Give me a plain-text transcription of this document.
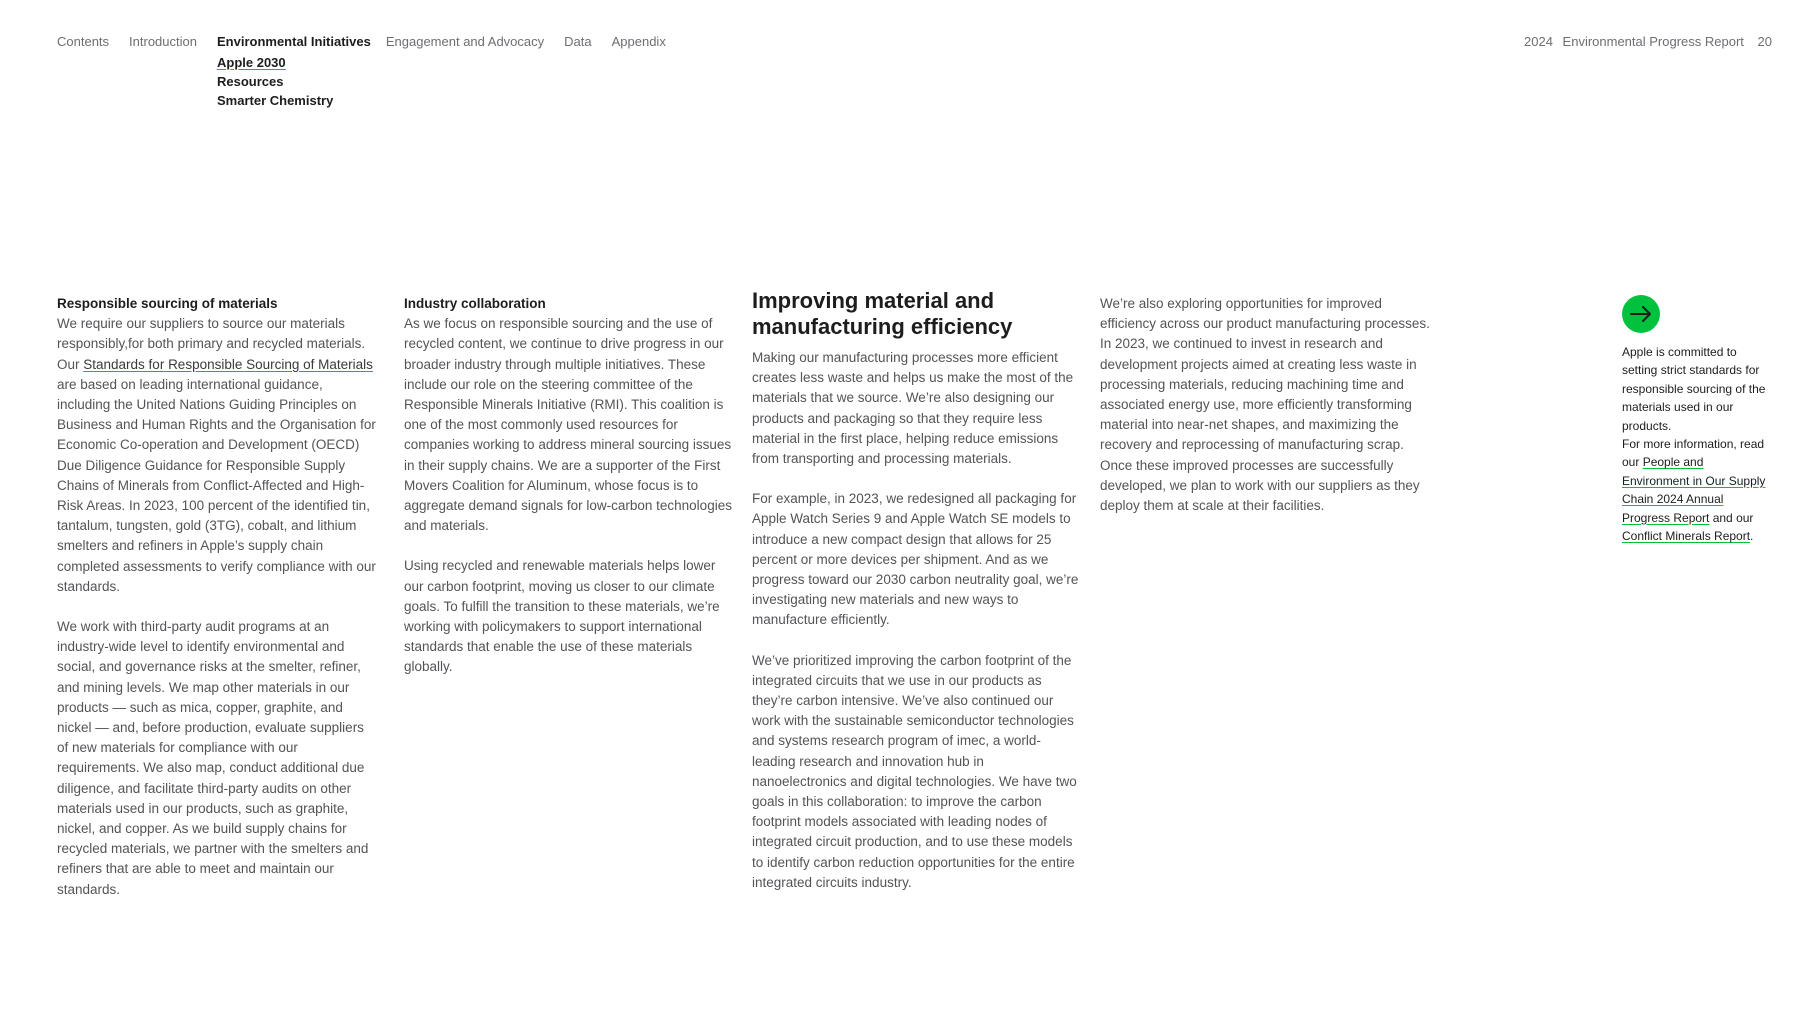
Contents Introduction Environmental Initiatives
Apple 2030
Resources
Smarter Chemistry
Engagement and Advocacy Data Appendix	2024 Environmental Progress Report 20
Responsible sourcing of materials

We require our suppliers to source our materials responsibly,for both primary and recycled materials. Our Standards for Responsible Sourcing of Materials are based on leading international guidance, including the United Nations Guiding Principles on Business and Human Rights and the Organisation for Economic Co-operation and Development (OECD) Due Diligence Guidance for Responsible Supply Chains of Minerals from Conflict-Affected and High-Risk Areas. In 2023, 100 percent of the identified tin, tantalum, tungsten, gold (3TG), cobalt, and lithium smelters and refiners in Apple’s supply chain completed assessments to verify compliance with our standards.

We work with third-party audit programs at an industry-wide level to identify environmental and social, and governance risks at the smelter, refiner, and mining levels. We map other materials in our products — such as mica, copper, graphite, and nickel — and, before production, evaluate suppliers of new materials for compliance with our requirements. We also map, conduct additional due diligence, and facilitate third-party audits on other materials used in our products, such as graphite, nickel, and copper. As we build supply chains for recycled materials, we partner with the smelters and refiners that are able to meet and maintain our standards.

Industry collaboration

As we focus on responsible sourcing and the use of recycled content, we continue to drive progress in our broader industry through multiple initiatives. These include our role on the steering committee of the Responsible Minerals Initiative (RMI). This coalition is one of the most commonly used resources for companies working to address mineral sourcing issues in their supply chains. We are a supporter of the First Movers Coalition for Aluminum, whose focus is to aggregate demand signals for low-carbon technologies and materials.

Using recycled and renewable materials helps lower our carbon footprint, moving us closer to our climate goals. To fulfill the transition to these materials, we’re working with policymakers to support international standards that enable the use of these materials globally.

Improving material and manufacturing efficiency

Making our manufacturing processes more efficient creates less waste and helps us make the most of the materials that we source. We’re also designing our products and packaging so that they require less material in the first place, helping reduce emissions from transporting and processing materials.

For example, in 2023, we redesigned all packaging for Apple Watch Series 9 and Apple Watch SE models to introduce a new compact design that allows for 25 percent or more devices per shipment. And as we progress toward our 2030 carbon neutrality goal, we’re investigating new materials and new ways to manufacture efficiently.

We’ve prioritized improving the carbon footprint of the integrated circuits that we use in our products as they’re carbon intensive. We’ve also continued our work with the sustainable semiconductor technologies and systems research program of imec, a world-leading research and innovation hub in nanoelectronics and digital technologies. We have two goals in this collaboration: to improve the carbon footprint models associated with leading nodes of integrated circuit production, and to use these models to identify carbon reduction opportunities for the entire integrated circuits industry.

We’re also exploring opportunities for improved efficiency across our product manufacturing processes. In 2023, we continued to invest in research and development projects aimed at creating less waste in processing materials, reducing machining time and associated energy use, more efficiently transforming material into near-net shapes, and maximizing the recovery and reprocessing of manufacturing scrap. Once these improved processes are successfully developed, we plan to work with our suppliers as they deploy them at scale at their facilities.

Apple is committed to setting strict standards for responsible sourcing of the materials used in our products.
For more information, read our People and Environment in Our Supply Chain 2024 Annual Progress Report and our Conflict Minerals Report.
